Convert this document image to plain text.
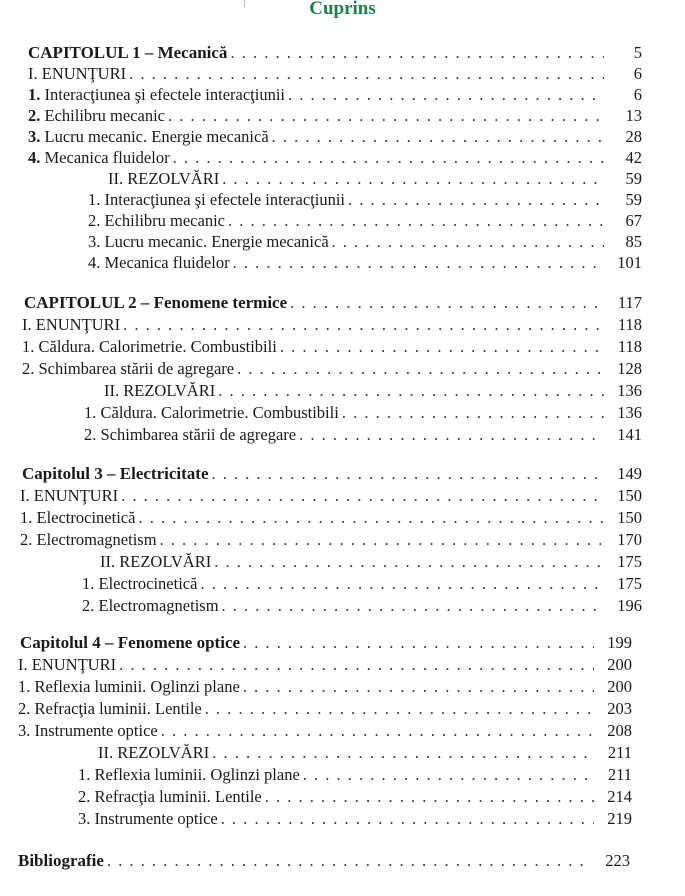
Cuprins
CAPITOLUL 1 – Mecanică . . .	5
I. ENUNŢURI . . .	6
1. Interacţiunea şi efectele interacţiunii . . .	6
2. Echilibru mecanic . . .	13
3. Lucru mecanic. Energie mecanică . . .	28
4. Mecanica fluidelor . . .	42
II. REZOLVĂRI . . .	59
1. Interacţiunea şi efectele interacţiunii . . .	59
2. Echilibru mecanic . . .	67
3. Lucru mecanic. Energie mecanică . . .	85
4. Mecanica fluidelor . . .	101
CAPITOLUL 2 – Fenomene termice . . .	117
I. ENUNŢURI . . .	118
1. Căldura. Calorimetrie. Combustibili . . .	118
2. Schimbarea stării de agregare . . .	128
II. REZOLVĂRI . . .	136
1. Căldura. Calorimetrie. Combustibili . . .	136
2. Schimbarea stării de agregare . . .	141
Capitolul 3 – Electricitate . . .	149
I. ENUNŢURI . . .	150
1. Electrocinetică . . .	150
2. Electromagnetism . . .	170
II. REZOLVĂRI . . .	175
1. Electrocinetică . . .	175
2. Electromagnetism . . .	196
Capitolul 4 – Fenomene optice . . .	199
I. ENUNŢURI . . .	200
1. Reflexia luminii. Oglinzi plane . . .	200
2. Refracţia luminii. Lentile . . .	203
3. Instrumente optice . . .	208
II. REZOLVĂRI . . .	211
1. Reflexia luminii. Oglinzi plane . . .	211
2. Refracţia luminii. Lentile . . .	214
3. Instrumente optice . . .	219
Bibliografie . . .	223
